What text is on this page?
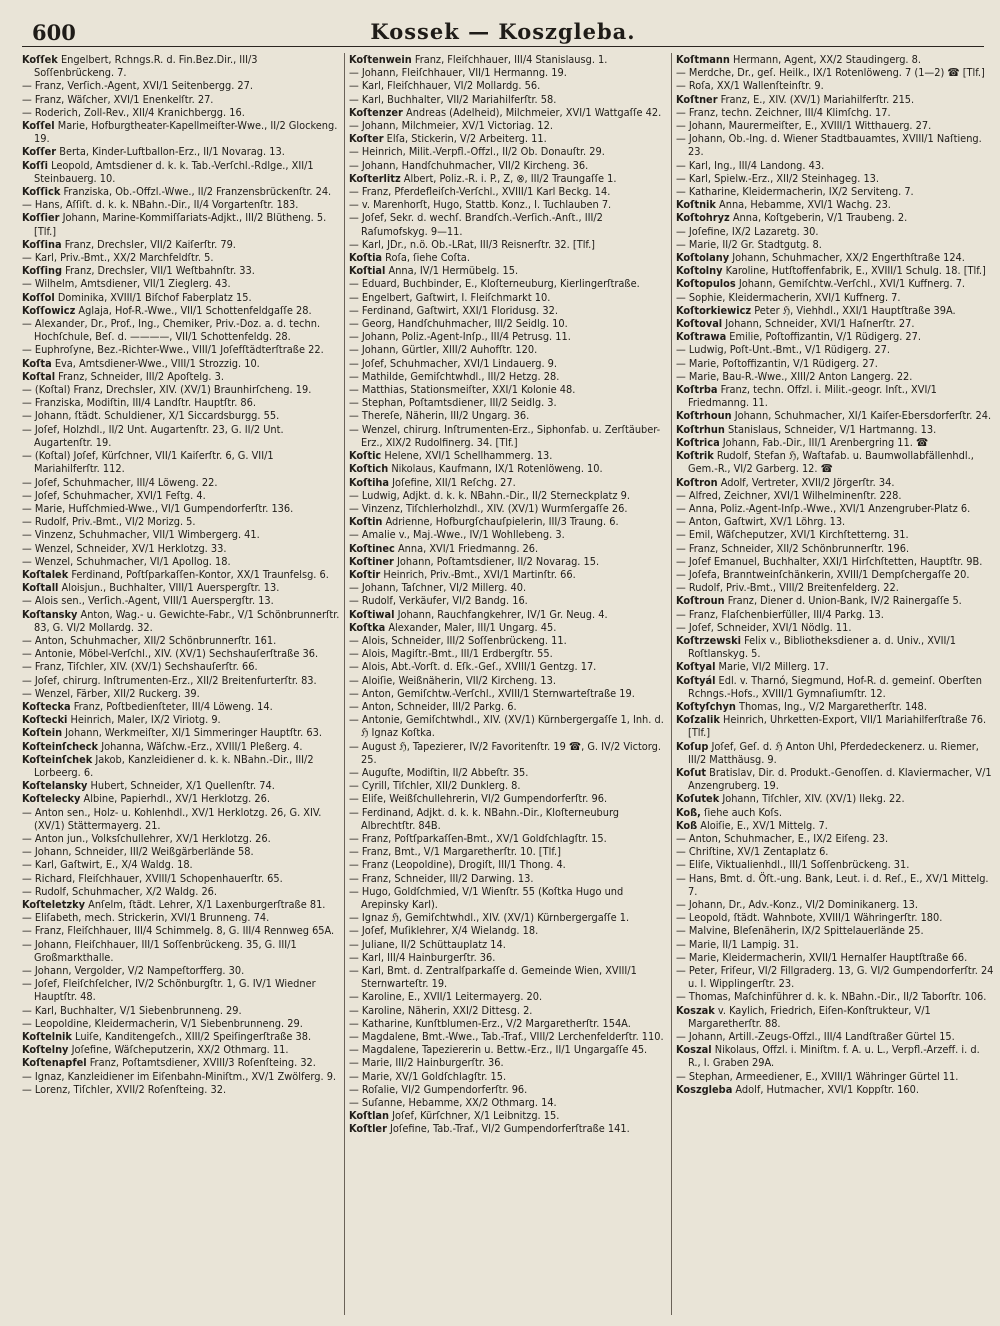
600	Kossek — Koszgleba.
Koſſek Engelbert, Rchngs.R. d. Fin.Bez.Dir., III/3 Soſſenbrückeng. 7.
— Franz, Verſich.-Agent, XVI/1 Seitenbergg. 27.
— Franz, Wäſcher, XVI/1 Enenkelſtr. 27.
— Roderich, Zoll-Rev., XII/4 Kranichbergg. 16.
Koſſel Marie, Hofburgtheater-Kapellmeiſter-Wwe., II/2 Glockeng. 19.
Koſſer Berta, Kinder-Luftballon-Erz., II/1 Novarag. 13.
Koſſi Leopold, Amtsdiener d. k. k. Tab.-Verſchl.-Rdlge., XII/1 Steinbauerg. 10.
Koſſick Franziska, Ob.-Offzl.-Wwe., II/2 Franzensbrückenſtr. 24.
— Hans, Aſſiſt. d. k. k. NBahn.-Dir., II/4 Vorgartenſtr. 183.
Koſſier Johann, Marine-Kommiſſariats-Adjkt., III/2 Blütheng. 5. [Tlf.]
Koſſina Franz, Drechsler, VII/2 Kaiſerſtr. 79.
— Karl, Priv.-Bmt., XX/2 Marchfeldſtr. 5.
Koſſing Franz, Drechsler, VII/1 Weſtbahnſtr. 33.
— Wilhelm, Amtsdiener, VII/1 Zieglerg. 43.
Koſſol Dominika, XVIII/1 Biſchof Faberplatz 15.
Koſſowicz Aglaja, Hof-R.-Wwe., VII/1 Schottenfeldgaſſe 28.
— Alexander, Dr., Prof., Ing., Chemiker, Priv.-Doz. a. d. techn. Hochſchule, Beſ. d. ————, VII/1 Schottenfeldg. 28.
— Euphroſyne, Bez.-Richter-Wwe., VIII/1 Joſefſtädterſtraße 22.
Koſta Eva, Amtsdiener-Wwe., VIII/1 Strozzig. 10.
Koſtal Franz, Schneider, III/2 Apoſtelg. 3.
— (Koſtal) Franz, Drechsler, XIV. (XV/1) Braunhirſcheng. 19.
— Franziska, Modiſtin, III/4 Landſtr. Hauptſtr. 86.
— Johann, ſtädt. Schuldiener, X/1 Siccardsburgg. 55.
— Joſef, Holzhdl., II/2 Unt. Augartenſtr. 23, G. II/2 Unt. Augartenſtr. 19.
— (Koſtal) Joſef, Kürſchner, VII/1 Kaiſerſtr. 6, G. VII/1 Mariahilferſtr. 112.
— Joſef, Schuhmacher, III/4 Löweng. 22.
— Joſef, Schuhmacher, XVI/1 Feſtg. 4.
— Marie, Hufſchmied-Wwe., VI/1 Gumpendorferſtr. 136.
— Rudolf, Priv.-Bmt., VI/2 Morizg. 5.
— Vinzenz, Schuhmacher, VII/1 Wimbergerg. 41.
— Wenzel, Schneider, XV/1 Herklotzg. 33.
— Wenzel, Schuhmacher, VI/1 Apollog. 18.
Koſtalek Ferdinand, Poſtſparkaſſen-Kontor, XX/1 Traunfelsg. 6.
Koſtall Aloisjun., Buchhalter, VIII/1 Auerspergſtr. 13.
— Alois sen., Verſich.-Agent, VIII/1 Auerspergſtr. 13.
Koſtansky Anton, Wag.- u. Gewichte-Fabr., V/1 Schönbrunnerſtr. 83, G. VI/2 Mollardg. 32.
— Anton, Schuhmacher, XII/2 Schönbrunnerſtr. 161.
— Antonie, Möbel-Verſchl., XIV. (XV/1) Sechshauſerſtraße 36.
— Franz, Tiſchler, XIV. (XV/1) Sechshauſerſtr. 66.
— Joſef, chirurg. Inſtrumenten-Erz., XII/2 Breitenfurterſtr. 83.
— Wenzel, Färber, XII/2 Ruckerg. 39.
Koſtecka Franz, Poſtbedienſteter, III/4 Löweng. 14.
Koſtecki Heinrich, Maler, IX/2 Viriotg. 9.
Koſtein Johann, Werkmeiſter, XI/1 Simmeringer Hauptſtr. 63.
Koſteinſcheck Johanna, Wäſchw.-Erz., XVIII/1 Pleßerg. 4.
Koſteinſchek Jakob, Kanzleidiener d. k. k. NBahn.-Dir., III/2 Lorbeerg. 6.
Koſtelansky Hubert, Schneider, X/1 Quellenſtr. 74.
Koſtelecky Albine, Papierhdl., XV/1 Herklotzg. 26.
— Anton sen., Holz- u. Kohlenhdl., XV/1 Herklotzg. 26, G. XIV. (XV/1) Stättermayerg. 21.
— Anton jun., Volksſchullehrer, XV/1 Herklotzg. 26.
— Johann, Schneider, III/2 Weißgärberlände 58.
— Karl, Gaſtwirt, E., X/4 Waldg. 18.
— Richard, Fleiſchhauer, XVIII/1 Schopenhauerſtr. 65.
— Rudolf, Schuhmacher, X/2 Waldg. 26.
Koſteletzky Anſelm, ſtädt. Lehrer, X/1 Laxenburgerſtraße 81.
— Eliſabeth, mech. Strickerin, XVI/1 Brunneng. 74.
— Franz, Fleiſchhauer, III/4 Schimmelg. 8, G. III/4 Rennweg 65A.
— Johann, Fleiſchhauer, III/1 Soſſenbrückeng. 35, G. III/1 Großmarkthalle.
— Johann, Vergolder, V/2 Nampeſtorfferg. 30.
— Joſef, Fleiſchſelcher, IV/2 Schönburgſtr. 1, G. IV/1 Wiedner Hauptſtr. 48.
— Karl, Buchhalter, V/1 Siebenbrunneng. 29.
— Leopoldine, Kleidermacherin, V/1 Siebenbrunneng. 29.
Koſtelnik Luiſe, Kanditengeſch., XIII/2 Speiſingerſtraße 38.
Koſtelny Joſefine, Wäſcheputzerin, XX/2 Othmarg. 11.
Koſtenapfel Franz, Poſtamtsdiener, XVIII/3 Roſenſteing. 32.
— Ignaz, Kanzleidiener im Eiſenbahn-Miniſtm., XV/1 Zwölferg. 9.
— Lorenz, Tiſchler, XVII/2 Roſenſteing. 32.
Koſtenwein Franz, Fleiſchhauer, III/4 Stanislausg. 1.
— Johann, Fleiſchhauer, VII/1 Hermanng. 19.
— Karl, Fleiſchhauer, VI/2 Mollardg. 56.
— Karl, Buchhalter, VII/2 Mariahilferſtr. 58.
Koſtenzer Andreas (Adelheid), Milchmeier, XVI/1 Wattgaſſe 42.
— Johann, Milchmeier, XV/1 Victoriag. 12.
Koſter Elſa, Stickerin, V/2 Arbeiterg. 11.
— Heinrich, Milit.-Verpfl.-Offzl., II/2 Ob. Donauſtr. 29.
— Johann, Handſchuhmacher, VII/2 Kircheng. 36.
Koſterlitz Albert, Poliz.-R. i. P., Z, ⊗, III/2 Traungaſſe 1.
— Franz, Pferdefleiſch-Verſchl., XVIII/1 Karl Beckg. 14.
— v. Marenhorſt, Hugo, Stattb. Konz., I. Tuchlauben 7.
— Joſef, Sekr. d. wechſ. Brandſch.-Verſich.-Anſt., III/2 Raſumofskyg. 9—11.
— Karl, JDr., n.ö. Ob.-LRat, III/3 Reisnerſtr. 32. [Tlf.]
Koſtia Roſa, ſiehe Coſta.
Koſtial Anna, IV/1 Hermübelg. 15.
— Eduard, Buchbinder, E., Kloſterneuburg, Kierlingerſtraße.
— Engelbert, Gaſtwirt, I. Fleiſchmarkt 10.
— Ferdinand, Gaſtwirt, XXI/1 Floridusg. 32.
— Georg, Handſchuhmacher, III/2 Seidlg. 10.
— Johann, Poliz.-Agent-Inſp., III/4 Petrusg. 11.
— Johann, Gürtler, XIII/2 Auhofſtr. 120.
— Joſef, Schuhmacher, XVI/1 Lindauerg. 9.
— Mathilde, Gemiſchtwhdl., III/2 Hetzg. 28.
— Matthias, Stationsmeiſter, XXI/1 Kolonie 48.
— Stephan, Poſtamtsdiener, III/2 Seidlg. 3.
— Thereſe, Näherin, III/2 Ungarg. 36.
— Wenzel, chirurg. Inſtrumenten-Erz., Siphonfab. u. Zerſtäuber-Erz., XIX/2 Rudolfinerg. 34. [Tlf.]
Koſtic Helene, XVI/1 Schellhammerg. 13.
Koſtich Nikolaus, Kaufmann, IX/1 Rotenlöweng. 10.
Koſtiha Joſefine, XII/1 Reſchg. 27.
— Ludwig, Adjkt. d. k. k. NBahn.-Dir., II/2 Sterneckplatz 9.
— Vinzenz, Tiſchlerholzhdl., XIV. (XV/1) Wurmſergaſſe 26.
Koſtin Adrienne, Hofburgſchauſpielerin, III/3 Traung. 6.
— Amalie v., Maj.-Wwe., IV/1 Wohllebeng. 3.
Koſtinec Anna, XVI/1 Friedmanng. 26.
Koſtiner Johann, Poſtamtsdiener, II/2 Novarag. 15.
Koſtir Heinrich, Priv.-Bmt., XVI/1 Martinſtr. 66.
— Johann, Taſchner, VI/2 Millerg. 40.
— Rudolf, Verkäufer, VI/2 Bandg. 16.
Koſtiwal Johann, Rauchfangkehrer, IV/1 Gr. Neug. 4.
Koſtka Alexander, Maler, III/1 Ungarg. 45.
— Alois, Schneider, III/2 Soſſenbrückeng. 11.
— Alois, Magiſtr.-Bmt., III/1 Erdbergſtr. 55.
— Alois, Abt.-Vorſt. d. Eſk.-Geſ., XVIII/1 Gentzg. 17.
— Aloiſie, Weißnäherin, VII/2 Kircheng. 13.
— Anton, Gemiſchtw.-Verſchl., XVIII/1 Sternwarteſtraße 19.
— Anton, Schneider, III/2 Parkg. 6.
— Antonie, Gemiſchtwhdl., XIV. (XV/1) Kürnbergergaſſe 1, Inh. d. ℌ Ignaz Koſtka.
— August ℌ, Tapezierer, IV/2 Favoritenſtr. 19 ☎, G. IV/2 Victorg. 25.
— Auguſte, Modiſtin, II/2 Abbeſtr. 35.
— Cyrill, Tiſchler, XII/2 Dunklerg. 8.
— Eliſe, Weißſchullehrerin, VI/2 Gumpendorferſtr. 96.
— Ferdinand, Adjkt. d. k. k. NBahn.-Dir., Kloſterneuburg Albrechtſtr. 84B.
— Franz, Poſtſparkaſſen-Bmt., XV/1 Goldſchlagſtr. 15.
— Franz, Bmt., V/1 Margaretherſtr. 10. [Tlf.]
— Franz (Leopoldine), Drogiſt, III/1 Thong. 4.
— Franz, Schneider, III/2 Darwing. 13.
— Hugo, Goldſchmied, V/1 Wienſtr. 55 (Koſtka Hugo und Arepinsky Karl).
— Ignaz ℌ, Gemiſchtwhdl., XIV. (XV/1) Kürnbergergaſſe 1.
— Joſef, Muſiklehrer, X/4 Wielandg. 18.
— Juliane, II/2 Schüttauplatz 14.
— Karl, III/4 Hainburgerſtr. 36.
— Karl, Bmt. d. Zentralſparkaſſe d. Gemeinde Wien, XVIII/1 Sternwarteſtr. 19.
— Karoline, E., XVII/1 Leitermayerg. 20.
— Karoline, Näherin, XXI/2 Dittesg. 2.
— Katharine, Kunſtblumen-Erz., V/2 Margaretherſtr. 154A.
— Magdalene, Bmt.-Wwe., Tab.-Traf., VIII/2 Lerchenfelderſtr. 110.
— Magdalene, Tapeziererin u. Bettw.-Erz., II/1 Ungargaſſe 45.
— Marie, III/2 Hainburgerſtr. 36.
— Marie, XV/1 Goldſchlagſtr. 15.
— Roſalie, VI/2 Gumpendorferſtr. 96.
— Suſanne, Hebamme, XX/2 Othmarg. 14.
Koſtlan Joſef, Kürſchner, X/1 Leibnitzg. 15.
Koſtler Joſefine, Tab.-Traf., VI/2 Gumpendorferſtraße 141.
Koſtmann Hermann, Agent, XX/2 Staudingerg. 8.
— Merdche, Dr., geſ. Heilk., IX/1 Rotenlöweng. 7 (1—2) ☎ [Tlf.]
— Roſa, XX/1 Wallenſteinſtr. 9.
Koſtner Franz, E., XIV. (XV/1) Mariahilferſtr. 215.
— Franz, techn. Zeichner, III/4 Klimſchg. 17.
— Johann, Maurermeiſter, E., XVIII/1 Witthauerg. 27.
— Johann, Ob.-Ing. d. Wiener Stadtbauamtes, XVIII/1 Naſtieng. 23.
— Karl, Ing., III/4 Landong. 43.
— Karl, Spielw.-Erz., XII/2 Steinhageg. 13.
— Katharine, Kleidermacherin, IX/2 Serviteng. 7.
Koſtnik Anna, Hebamme, XVI/1 Wachg. 23.
Koſtohryz Anna, Koſtgeberin, V/1 Traubeng. 2.
— Joſefine, IX/2 Lazaretg. 30.
— Marie, II/2 Gr. Stadtgutg. 8.
Koſtolany Johann, Schuhmacher, XX/2 Engerthſtraße 124.
Koſtolny Karoline, Hutſtoffenfabrik, E., XVIII/1 Schulg. 18. [Tlf.]
Koſtopulos Johann, Gemiſchtw.-Verſchl., XVI/1 Kuffnerg. 7.
— Sophie, Kleidermacherin, XVI/1 Kuffnerg. 7.
Koſtorkiewicz Peter ℌ, Viehhdl., XXI/1 Hauptſtraße 39A.
Koſtoval Johann, Schneider, XVI/1 Haſnerſtr. 27.
Koſtrawa Emilie, Poſtoffizantin, V/1 Rüdigerg. 27.
— Ludwig, Poſt-Unt.-Bmt., V/1 Rüdigerg. 27.
— Marie, Poſtoffizantin, V/1 Rüdigerg. 27.
— Marie, Bau-R.-Wwe., XIII/2 Anton Langerg. 22.
Koſtrba Franz, techn. Offzl. i. Milit.-geogr. Inſt., XVI/1 Friedmanng. 11.
Koſtrhoun Johann, Schuhmacher, XI/1 Kaiſer-Ebersdorferſtr. 24.
Koſtrhun Stanislaus, Schneider, V/1 Hartmanng. 13.
Koſtrica Johann, Fab.-Dir., III/1 Arenbergring 11. ☎
Koſtrik Rudolf, Stefan ℌ, Waſtafab. u. Baumwollabfällenhdl., Gem.-R., VI/2 Garberg. 12. ☎
Koſtron Adolf, Vertreter, XVII/2 Jörgerſtr. 34.
— Alfred, Zeichner, XVI/1 Wilhelminenſtr. 228.
— Anna, Poliz.-Agent-Inſp.-Wwe., XVI/1 Anzengruber-Platz 6.
— Anton, Gaſtwirt, XV/1 Löhrg. 13.
— Emil, Wäſcheputzer, XVI/1 Kirchſtetterng. 31.
— Franz, Schneider, XII/2 Schönbrunnerſtr. 196.
— Joſef Emanuel, Buchhalter, XXI/1 Hirſchſtetten, Hauptſtr. 9B.
— Joſefa, Branntweinſchänkerin, XVIII/1 Dempſchergaſſe 20.
— Rudolf, Priv.-Bmt., VIII/2 Breitenfelderg. 22.
Koſtroun Franz, Diener d. Union-Bank, IV/2 Rainergaſſe 5.
— Franz, Flaſchenbierfüller, III/4 Parkg. 13.
— Joſef, Schneider, XVI/1 Nödlg. 11.
Koſtrzewski Felix v., Bibliotheksdiener a. d. Univ., XVII/1 Roſtlanskyg. 5.
Koſtyal Marie, VI/2 Millerg. 17.
Koſtyál Edl. v. Tharnó, Siegmund, Hof-R. d. gemeinſ. Oberſten Rchngs.-Hofs., XVIII/1 Gymnaſiumſtr. 12.
Koſtyſchyn Thomas, Ing., V/2 Margaretherſtr. 148.
Koſzalik Heinrich, Uhrketten-Export, VII/1 Mariahilferſtraße 76. [Tlf.]
Koſup Joſef, Geſ. d. ℌ Anton Uhl, Pferdedeckenerz. u. Riemer, III/2 Matthäusg. 9.
Koſut Bratislav, Dir. d. Produkt.-Genoſſen. d. Klaviermacher, V/1 Anzengruberg. 19.
Koſutek Johann, Tiſchler, XIV. (XV/1) Ilekg. 22.
Koß, ſiehe auch Koſs.
Koß Aloiſie, E., XV/1 Mittelg. 7.
— Anton, Schuhmacher, E., IX/2 Eiſeng. 23.
— Chriſtine, XV/1 Zentaplatz 6.
— Eliſe, Viktualienhdl., III/1 Soſſenbrückeng. 31.
— Hans, Bmt. d. Öſt.-ung. Bank, Leut. i. d. Reſ., E., XV/1 Mittelg. 7.
— Johann, Dr., Adv.-Konz., VI/2 Dominikanerg. 13.
— Leopold, ſtädt. Wahnbote, XVIII/1 Währingerſtr. 180.
— Malvine, Bleſenäherin, IX/2 Spittelauerlände 25.
— Marie, II/1 Lampig. 31.
— Marie, Kleidermacherin, XVII/1 Hernalſer Hauptſtraße 66.
— Peter, Friſeur, VI/2 Fillgraderg. 13, G. VI/2 Gumpendorferſtr. 24 u. I. Wipplingerſtr. 23.
— Thomas, Maſchinführer d. k. k. NBahn.-Dir., II/2 Taborſtr. 106.
Koszak v. Kaylich, Friedrich, Eiſen-Konſtrukteur, V/1 Margaretherſtr. 88.
— Johann, Artill.-Zeugs-Offzl., III/4 Landſtraßer Gürtel 15.
Koszal Nikolaus, Offzl. i. Miniſtm. f. A. u. L., Verpfl.-Arzeff. i. d. R., I. Graben 29A.
— Stephan, Armeediener, E., XVIII/1 Währinger Gürtel 11.
Koszgleba Adolf, Hutmacher, XVI/1 Koppſtr. 160.
